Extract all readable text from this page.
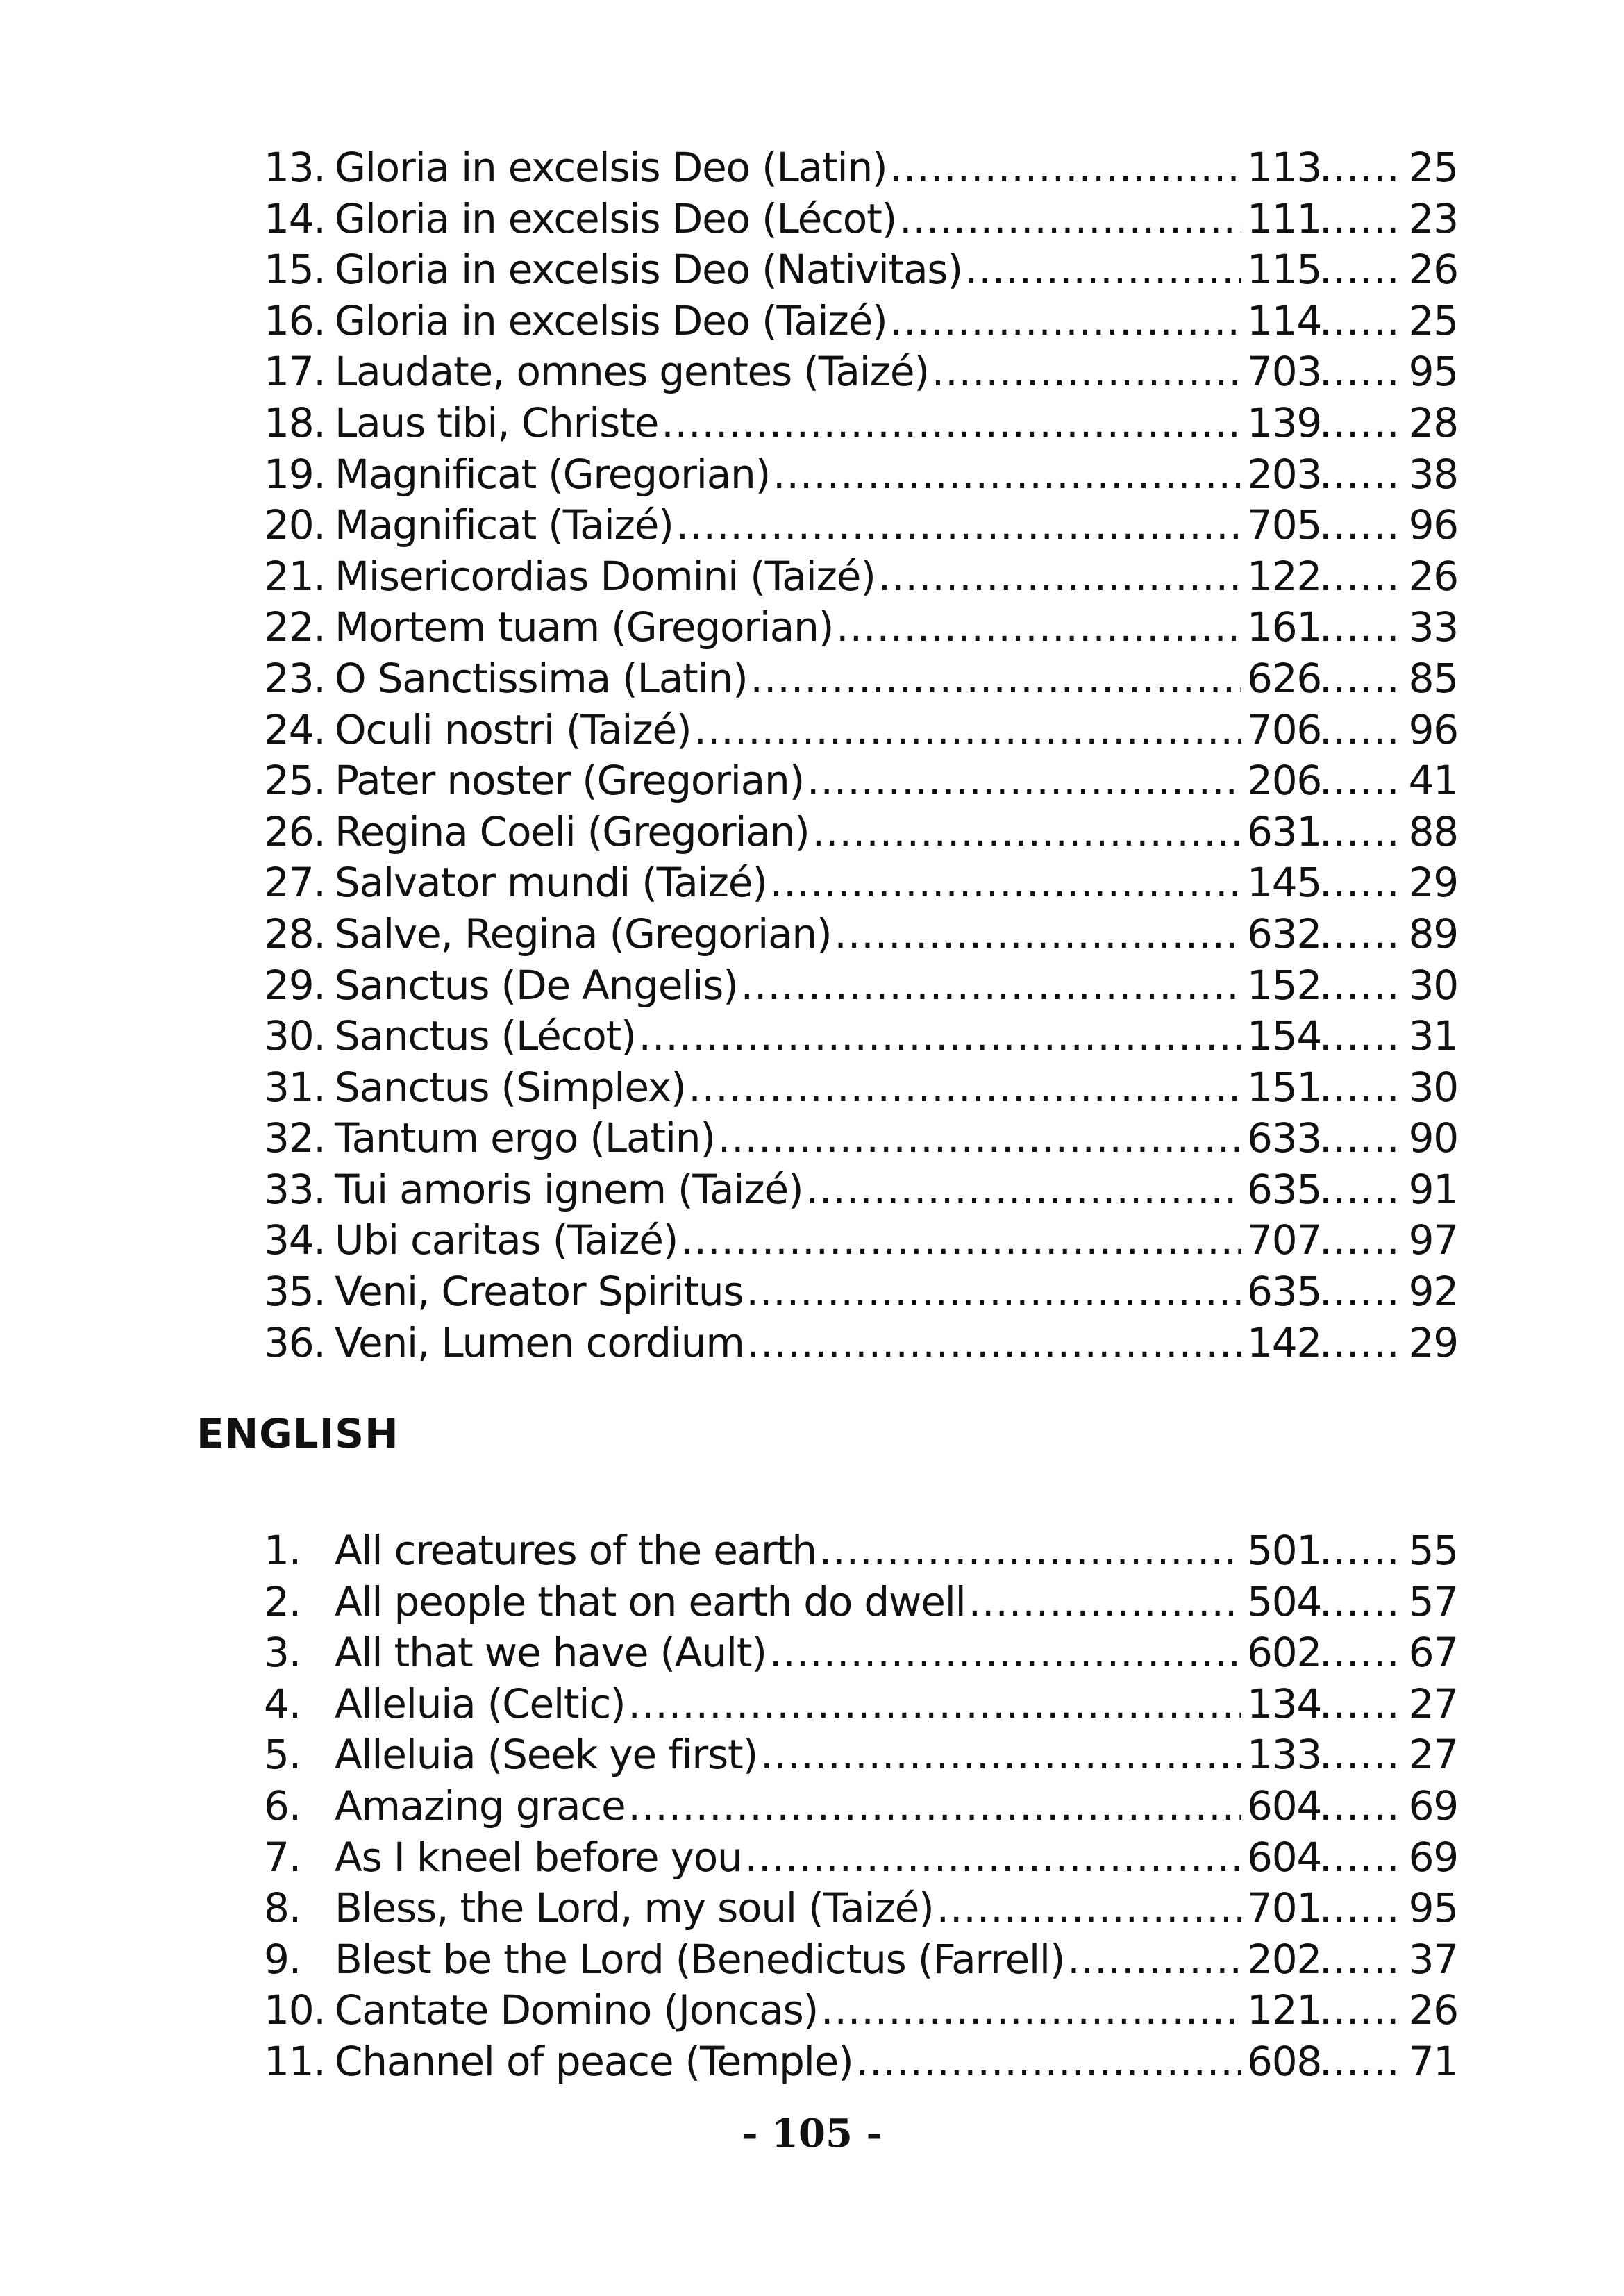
13. Gloria in excelsis Deo (Latin) .....	113 ..... 25
14. Gloria in excelsis Deo (Lécot) .....	111 ..... 23
15. Gloria in excelsis Deo (Nativitas) .....	115 ..... 26
16. Gloria in excelsis Deo (Taizé) .....	114 ..... 25
17. Laudate, omnes gentes (Taizé) .....	703 ..... 95
18. Laus tibi, Christe .....	139 ..... 28
19. Magnificat (Gregorian) .....	203 ..... 38
20. Magnificat (Taizé) .....	705 ..... 96
21. Misericordias Domini (Taizé) .....	122 ..... 26
22. Mortem tuam (Gregorian) .....	161 ..... 33
23. O Sanctissima (Latin) .....	626 ..... 85
24. Oculi nostri (Taizé) .....	706 ..... 96
25. Pater noster (Gregorian) .....	206 ..... 41
26. Regina Coeli (Gregorian) .....	631 ..... 88
27. Salvator mundi (Taizé) .....	145 ..... 29
28. Salve, Regina (Gregorian) .....	632 ..... 89
29. Sanctus (De Angelis) .....	152 ..... 30
30. Sanctus (Lécot) .....	154 ..... 31
31. Sanctus (Simplex) .....	151 ..... 30
32. Tantum ergo (Latin) .....	633 ..... 90
33. Tui amoris ignem (Taizé) .....	635 ..... 91
34. Ubi caritas (Taizé) .....	707 ..... 97
35. Veni, Creator Spiritus .....	635 ..... 92
36. Veni, Lumen cordium .....	142 ..... 29
ENGLISH
1. All creatures of the earth .....	501 ..... 55
2. All people that on earth do dwell .....	504 ..... 57
3. All that we have (Ault) .....	602 ..... 67
4. Alleluia (Celtic) .....	134 ..... 27
5. Alleluia (Seek ye first) .....	133 ..... 27
6. Amazing grace .....	604 ..... 69
7. As I kneel before you .....	604 ..... 69
8. Bless, the Lord, my soul (Taizé) .....	701 ..... 95
9. Blest be the Lord (Benedictus (Farrell) .....	202 ..... 37
10. Cantate Domino (Joncas) .....	121 ..... 26
11. Channel of peace (Temple) .....	608 ..... 71
- 105 -
